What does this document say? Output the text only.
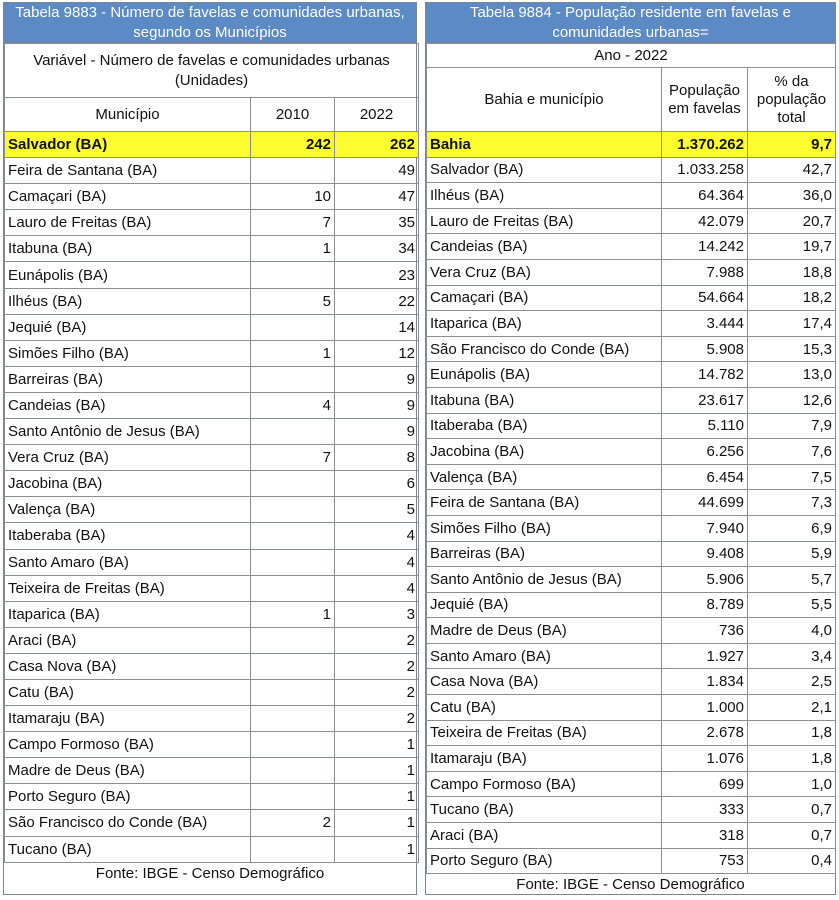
Tabela 9883 - Número de favelas e comunidades urbanas, segundo os Municípios
Variável - Número de favelas e comunidades urbanas (Unidades)		
Município	2010	2022
Salvador (BA)	242	262
Feira de Santana (BA)		49
Camaçari (BA)	10	47
Lauro de Freitas (BA)	7	35
Itabuna (BA)	1	34
Eunápolis (BA)		23
Ilhéus (BA)	5	22
Jequié (BA)		14
Simões Filho (BA)	1	12
Barreiras (BA)		9
Candeias (BA)	4	9
Santo Antônio de Jesus (BA)		9
Vera Cruz (BA)	7	8
Jacobina (BA)		6
Valença (BA)		5
Itaberaba (BA)		4
Santo Amaro (BA)		4
Teixeira de Freitas (BA)		4
Itaparica (BA)	1	3
Araci (BA)		2
Casa Nova (BA)		2
Catu (BA)		2
Itamaraju (BA)		2
Campo Formoso (BA)		1
Madre de Deus (BA)		1
Porto Seguro (BA)		1
São Francisco do Conde (BA)	2	1
Tucano (BA)		1
Fonte: IBGE - Censo Demográfico
Tabela 9884 - População residente em favelas e comunidades urbanas=
Ano - 2022		
Bahia e município	População em favelas	% da população total
Bahia	1.370.262	9,7
Salvador (BA)	1.033.258	42,7
Ilhéus (BA)	64.364	36,0
Lauro de Freitas (BA)	42.079	20,7
Candeias (BA)	14.242	19,7
Vera Cruz (BA)	7.988	18,8
Camaçari (BA)	54.664	18,2
Itaparica (BA)	3.444	17,4
São Francisco do Conde (BA)	5.908	15,3
Eunápolis (BA)	14.782	13,0
Itabuna (BA)	23.617	12,6
Itaberaba (BA)	5.110	7,9
Jacobina (BA)	6.256	7,6
Valença (BA)	6.454	7,5
Feira de Santana (BA)	44.699	7,3
Simões Filho (BA)	7.940	6,9
Barreiras (BA)	9.408	5,9
Santo Antônio de Jesus (BA)	5.906	5,7
Jequié (BA)	8.789	5,5
Madre de Deus (BA)	736	4,0
Santo Amaro (BA)	1.927	3,4
Casa Nova (BA)	1.834	2,5
Catu (BA)	1.000	2,1
Teixeira de Freitas (BA)	2.678	1,8
Itamaraju (BA)	1.076	1,8
Campo Formoso (BA)	699	1,0
Tucano (BA)	333	0,7
Araci (BA)	318	0,7
Porto Seguro (BA)	753	0,4
Fonte: IBGE - Censo Demográfico
